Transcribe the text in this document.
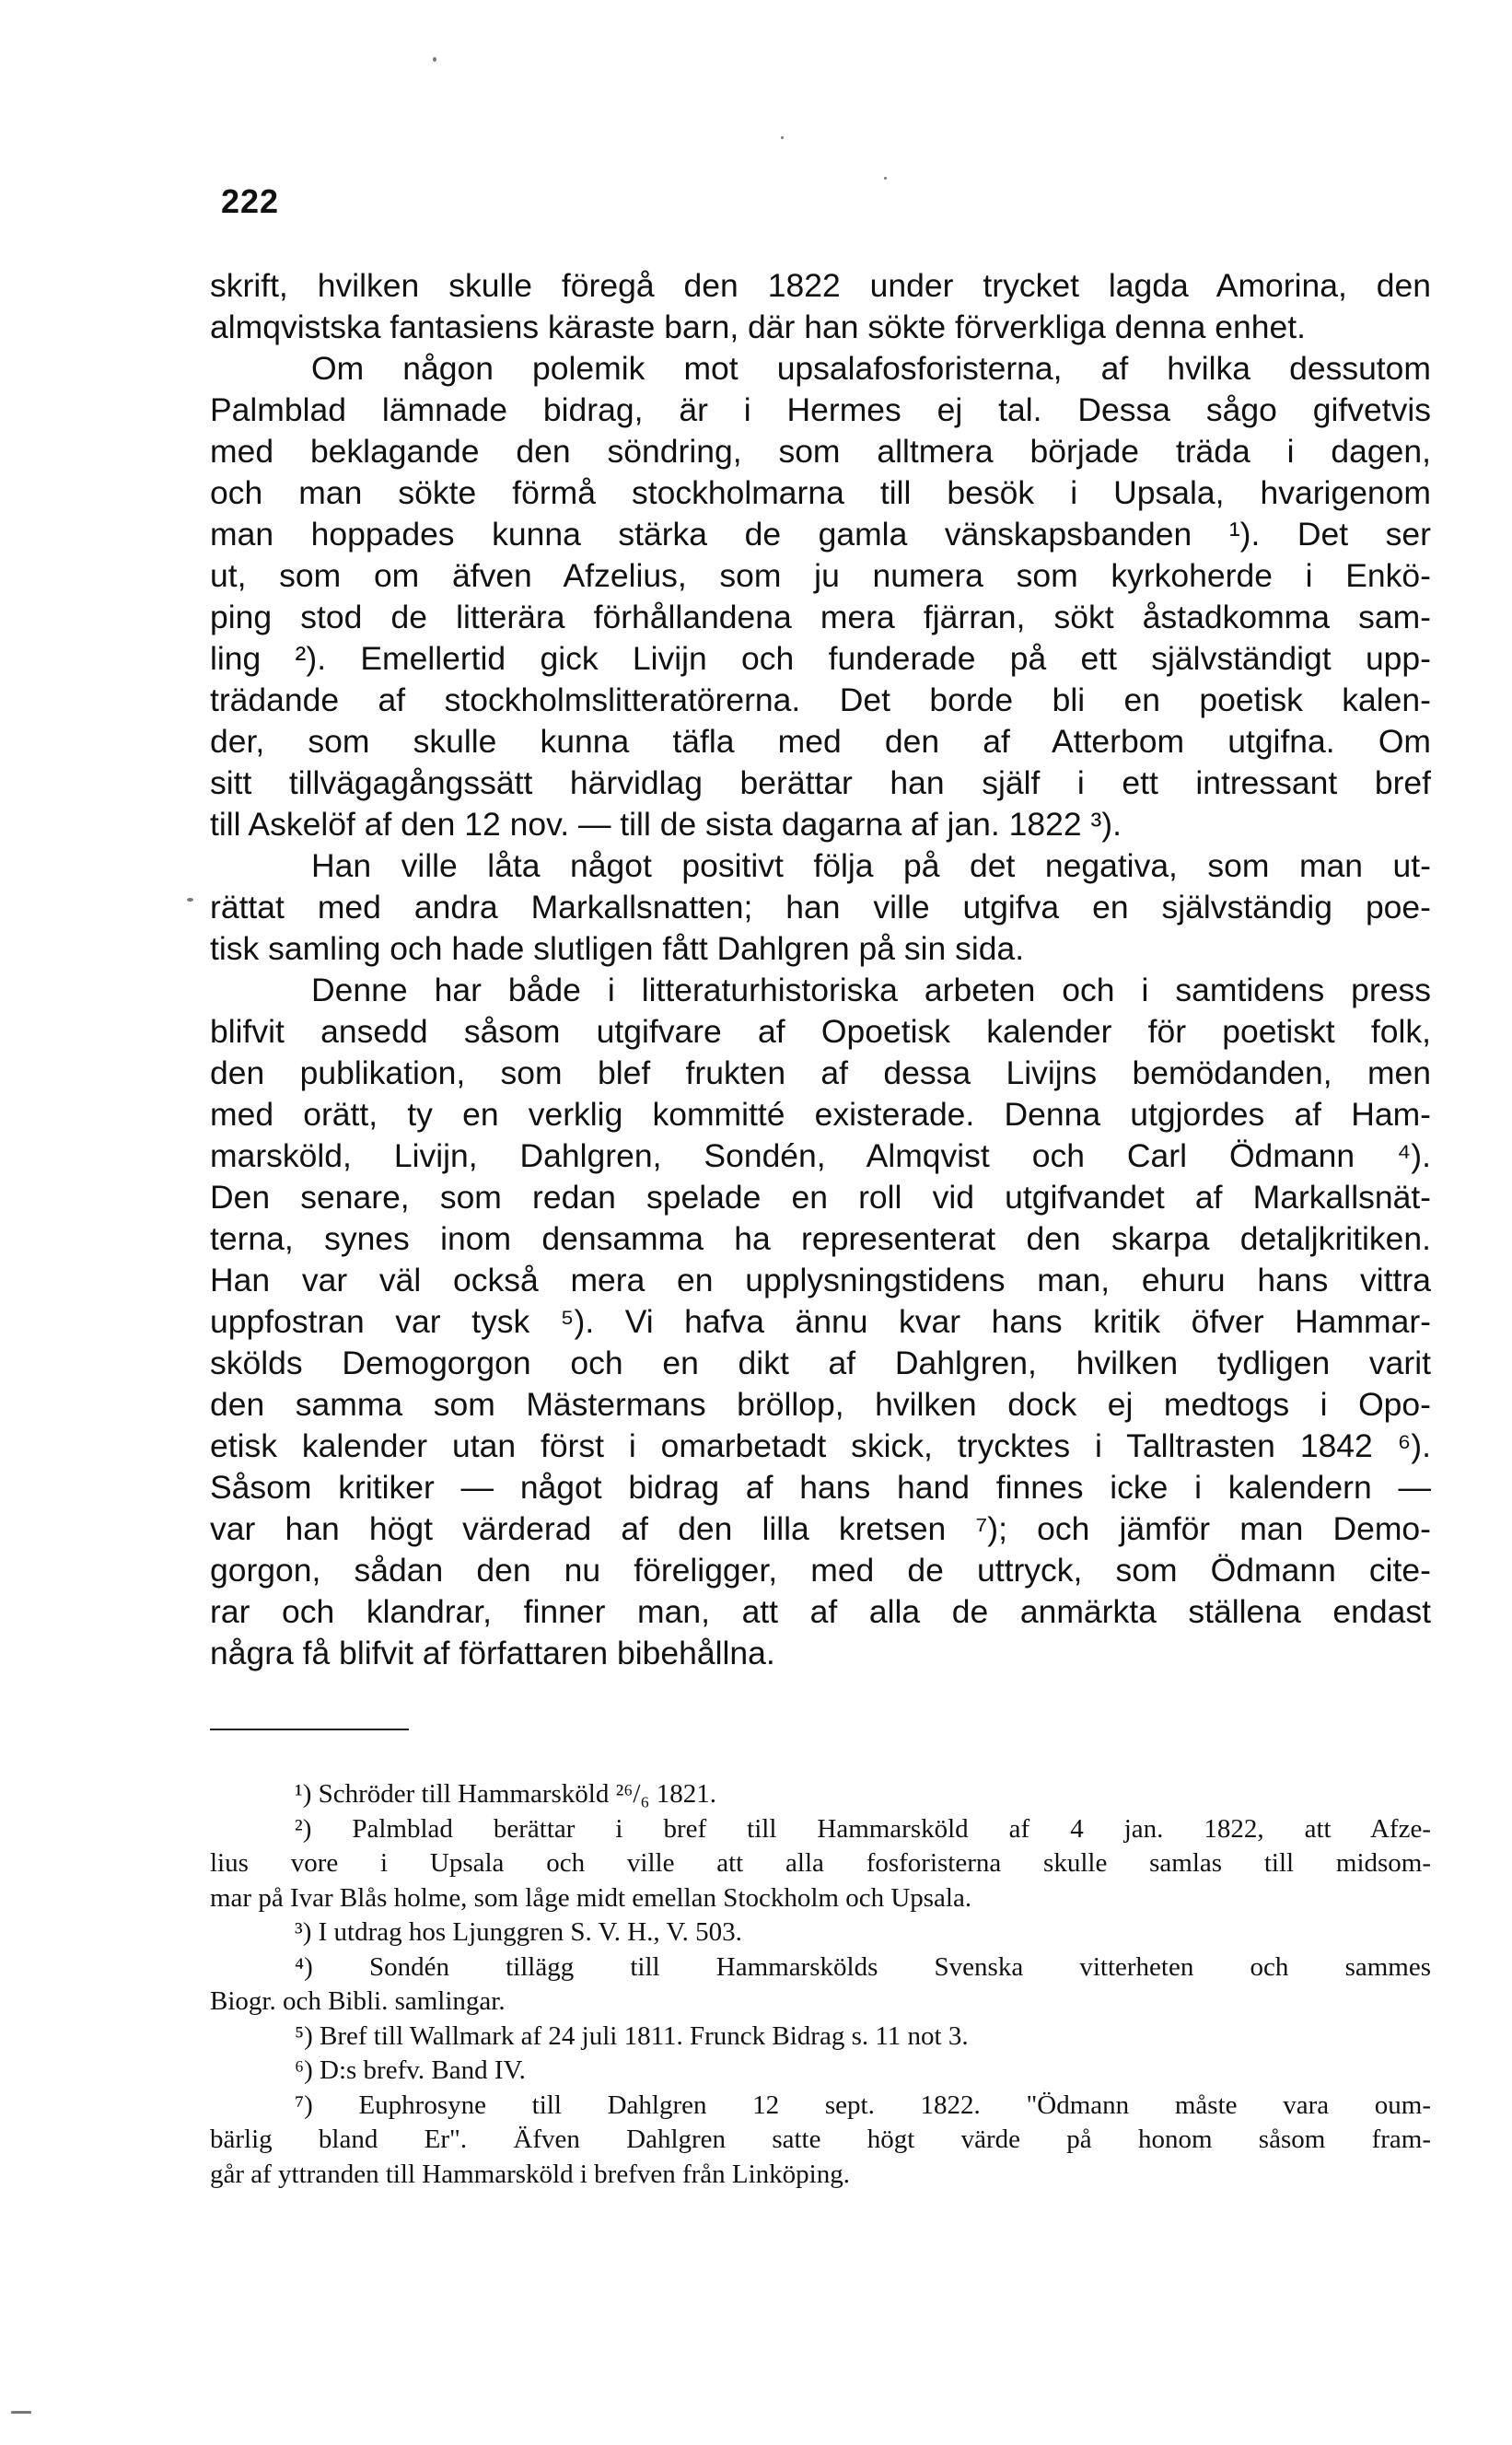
222

skrift, hvilken skulle föregå den 1822 under trycket lagda Amorina, den

almqvistska fantasiens käraste barn, där han sökte förverkliga denna enhet.

Om någon polemik mot upsalafosforisterna, af hvilka dessutom

Palmblad lämnade bidrag, är i Hermes ej tal. Dessa sågo gifvetvis

med beklagande den söndring, som alltmera började träda i dagen,

och man sökte förmå stockholmarna till besök i Upsala, hvarigenom

man hoppades kunna stärka de gamla vänskapsbanden ¹). Det ser

ut, som om äfven Afzelius, som ju numera som kyrkoherde i Enkö-

ping stod de litterära förhållandena mera fjärran, sökt åstadkomma sam-

ling ²). Emellertid gick Livijn och funderade på ett självständigt upp-

trädande af stockholmslitteratörerna. Det borde bli en poetisk kalen-

der, som skulle kunna täfla med den af Atterbom utgifna. Om

sitt tillvägagångssätt härvidlag berättar han själf i ett intressant bref

till Askelöf af den 12 nov. — till de sista dagarna af jan. 1822 ³).

Han ville låta något positivt följa på det negativa, som man ut-

rättat med andra Markallsnatten; han ville utgifva en självständig poe-

tisk samling och hade slutligen fått Dahlgren på sin sida.

Denne har både i litteraturhistoriska arbeten och i samtidens press

blifvit ansedd såsom utgifvare af Opoetisk kalender för poetiskt folk,

den publikation, som blef frukten af dessa Livijns bemödanden, men

med orätt, ty en verklig kommitté existerade. Denna utgjordes af Ham-

marsköld, Livijn, Dahlgren, Sondén, Almqvist och Carl Ödmann ⁴).

Den senare, som redan spelade en roll vid utgifvandet af Markallsnät-

terna, synes inom densamma ha representerat den skarpa detaljkritiken.

Han var väl också mera en upplysningstidens man, ehuru hans vittra

uppfostran var tysk ⁵). Vi hafva ännu kvar hans kritik öfver Hammar-

skölds Demogorgon och en dikt af Dahlgren, hvilken tydligen varit

den samma som Mästermans bröllop, hvilken dock ej medtogs i Opo-

etisk kalender utan först i omarbetadt skick, trycktes i Talltrasten 1842 ⁶).

Såsom kritiker — något bidrag af hans hand finnes icke i kalendern —

var han högt värderad af den lilla kretsen ⁷); och jämför man Demo-

gorgon, sådan den nu föreligger, med de uttryck, som Ödmann cite-

rar och klandrar, finner man, att af alla de anmärkta ställena endast

några få blifvit af författaren bibehållna.

¹) Schröder till Hammarsköld ²⁶/₆ 1821.

²) Palmblad berättar i bref till Hammarsköld af 4 jan. 1822, att Afze-

lius vore i Upsala och ville att alla fosforisterna skulle samlas till midsom-

mar på Ivar Blås holme, som låge midt emellan Stockholm och Upsala.

³) I utdrag hos Ljunggren S. V. H., V. 503.

⁴) Sondén tillägg till Hammarskölds Svenska vitterheten och sammes

Biogr. och Bibli. samlingar.

⁵) Bref till Wallmark af 24 juli 1811. Frunck Bidrag s. 11 not 3.

⁶) D:s brefv. Band IV.

⁷) Euphrosyne till Dahlgren 12 sept. 1822. "Ödmann måste vara oum-

bärlig bland Er". Äfven Dahlgren satte högt värde på honom såsom fram-

går af yttranden till Hammarsköld i brefven från Linköping.
